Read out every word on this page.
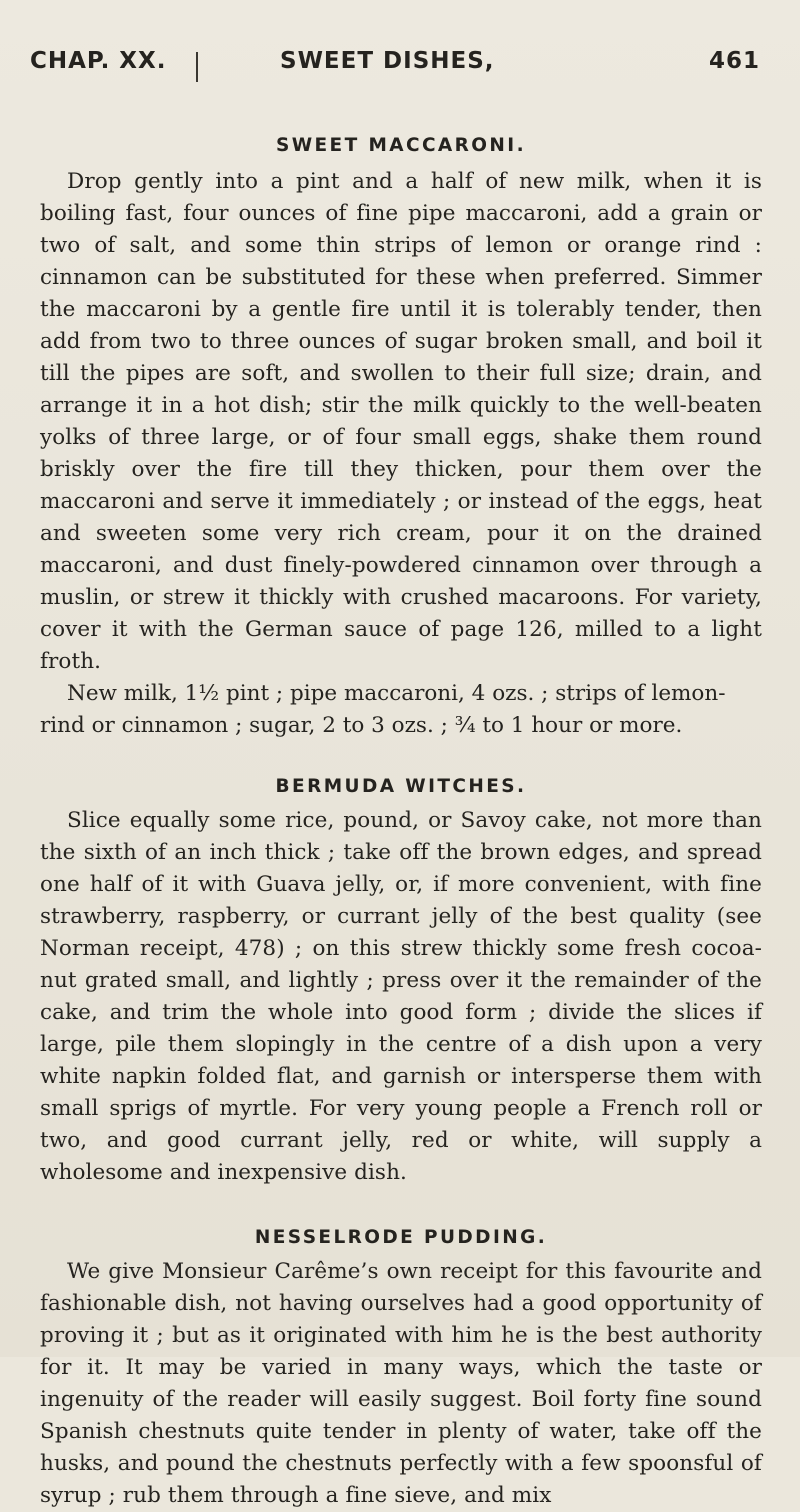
CHAP. XX.	SWEET DISHES,	461
SWEET MACCARONI.

Drop gently into a pint and a half of new milk, when it is boiling fast, four ounces of fine pipe maccaroni, add a grain or two of salt, and some thin strips of lemon or orange rind : cinnamon can be substituted for these when preferred. Simmer the maccaroni by a gentle fire until it is tolerably tender, then add from two to three ounces of sugar broken small, and boil it till the pipes are soft, and swollen to their full size; drain, and arrange it in a hot dish; stir the milk quickly to the well-beaten yolks of three large, or of four small eggs, shake them round briskly over the fire till they thicken, pour them over the maccaroni and serve it immediately ; or instead of the eggs, heat and sweeten some very rich cream, pour it on the drained maccaroni, and dust finely-powdered cinnamon over through a muslin, or strew it thickly with crushed macaroons. For variety, cover it with the German sauce of page 126, milled to a light froth.

New milk, 1½ pint ; pipe maccaroni, 4 ozs. ; strips of lemon-rind or cinnamon ; sugar, 2 to 3 ozs. ; ¾ to 1 hour or more.

BERMUDA WITCHES.

Slice equally some rice, pound, or Savoy cake, not more than the sixth of an inch thick ; take off the brown edges, and spread one half of it with Guava jelly, or, if more convenient, with fine strawberry, raspberry, or currant jelly of the best quality (see Norman receipt, 478) ; on this strew thickly some fresh cocoa-nut grated small, and lightly ; press over it the remainder of the cake, and trim the whole into good form ; divide the slices if large, pile them slopingly in the centre of a dish upon a very white napkin folded flat, and garnish or intersperse them with small sprigs of myrtle. For very young people a French roll or two, and good currant jelly, red or white, will supply a wholesome and inexpensive dish.

NESSELRODE PUDDING.

We give Monsieur Carême’s own receipt for this favourite and fashionable dish, not having ourselves had a good opportunity of proving it ; but as it originated with him he is the best authority for it. It may be varied in many ways, which the taste or ingenuity of the reader will easily suggest. Boil forty fine sound Spanish chestnuts quite tender in plenty of water, take off the husks, and pound the chestnuts perfectly with a few spoonsful of syrup ; rub them through a fine sieve, and mix
